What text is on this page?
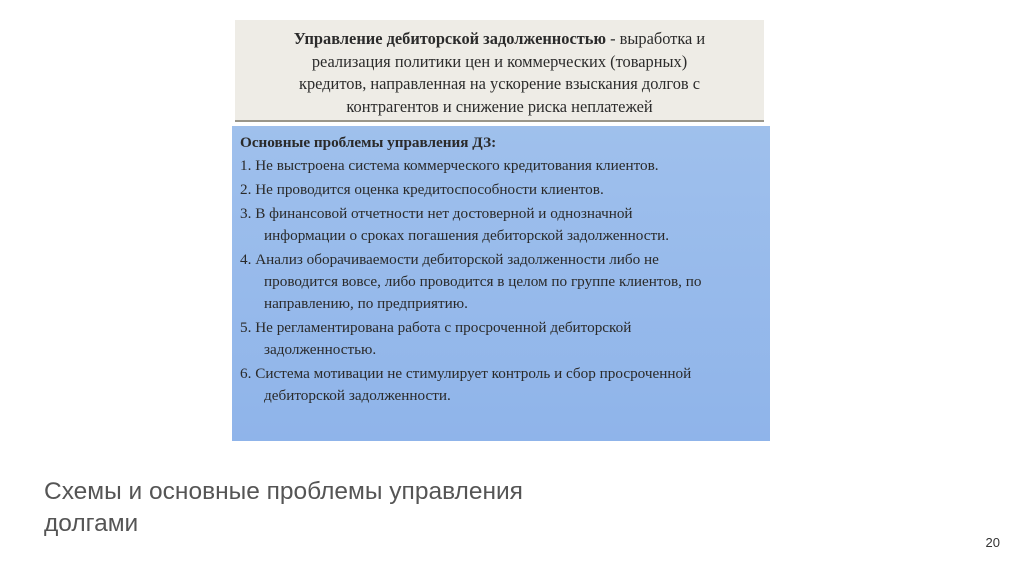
Управление дебиторской задолженностью - выработка и
реализация политики цен и коммерческих (товарных)
кредитов, направленная на ускорение взыскания долгов с
контрагентов и снижение риска неплатежей
Основные проблемы управления ДЗ:
1. Не выстроена система коммерческого кредитования клиентов.
2. Не проводится оценка кредитоспособности клиентов.
3. В финансовой отчетности нет достоверной и однозначной
информации о сроках погашения дебиторской задолженности.
4. Анализ оборачиваемости дебиторской задолженности либо не
проводится вовсе, либо проводится в целом по группе клиентов, по
направлению, по предприятию.
5. Не регламентирована работа с просроченной дебиторской
задолженностью.
6. Система мотивации не стимулирует контроль и сбор просроченной
дебиторской задолженности.
Схемы и основные проблемы управления
долгами
20
